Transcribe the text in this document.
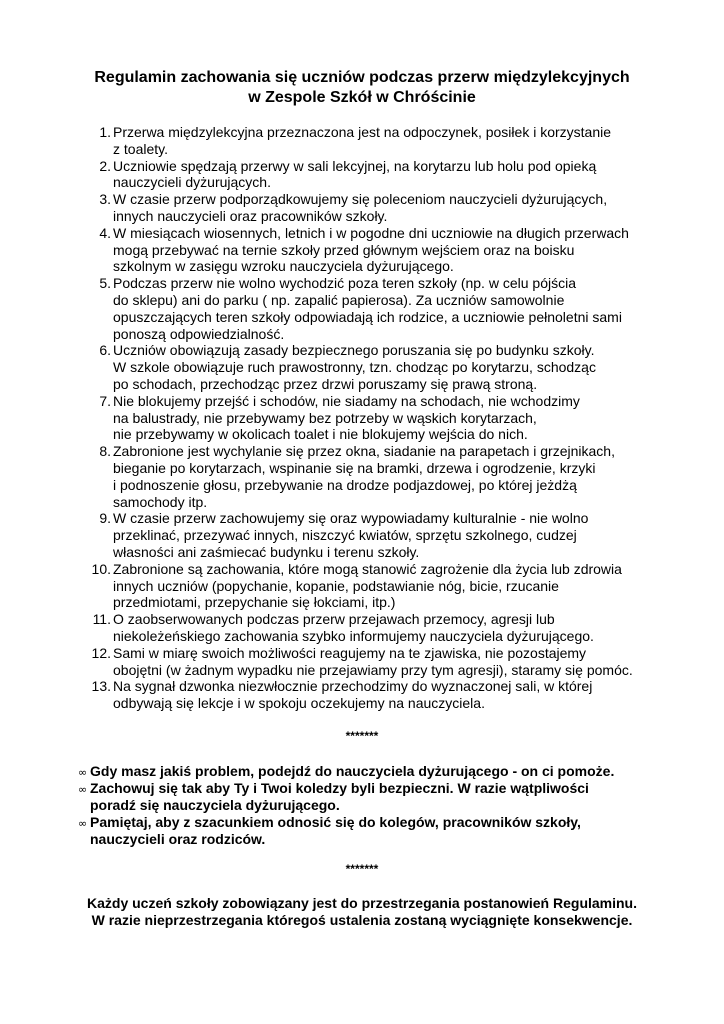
Regulamin zachowania się uczniów podczas przerw międzylekcyjnych
w Zespole Szkół w Chróścinie
1. Przerwa międzylekcyjna przeznaczona jest na odpoczynek, posiłek i korzystanie
z toalety.
2. Uczniowie spędzają przerwy w sali lekcyjnej, na korytarzu lub holu pod opieką
nauczycieli dyżurujących.
3. W czasie przerw podporządkowujemy się poleceniom nauczycieli dyżurujących,
innych nauczycieli oraz pracowników szkoły.
4. W miesiącach wiosennych, letnich i w pogodne dni uczniowie na długich przerwach
mogą przebywać na ternie szkoły przed głównym wejściem oraz na boisku
szkolnym w zasięgu wzroku nauczyciela dyżurującego.
5. Podczas przerw nie wolno wychodzić poza teren szkoły (np. w celu pójścia
do sklepu) ani do parku ( np. zapalić papierosa). Za uczniów samowolnie
opuszczających teren szkoły odpowiadają ich rodzice, a uczniowie pełnoletni sami
ponoszą odpowiedzialność.
6. Uczniów obowiązują zasady bezpiecznego poruszania się po budynku szkoły.
W szkole obowiązuje ruch prawostronny, tzn. chodząc po korytarzu, schodząc
po schodach, przechodząc przez drzwi poruszamy się prawą stroną.
7. Nie blokujemy przejść i schodów, nie siadamy na schodach, nie wchodzimy
na balustrady, nie przebywamy bez potrzeby w wąskich korytarzach,
nie przebywamy w okolicach toalet i nie blokujemy wejścia do nich.
8. Zabronione jest wychylanie się przez okna, siadanie na parapetach i grzejnikach,
bieganie po korytarzach, wspinanie się na bramki, drzewa i ogrodzenie, krzyki
i podnoszenie głosu, przebywanie na drodze podjazdowej, po której jeżdżą
samochody itp.
9. W czasie przerw zachowujemy się oraz wypowiadamy kulturalnie - nie wolno
przeklinać, przezywać innych, niszczyć kwiatów, sprzętu szkolnego, cudzej
własności ani zaśmiecać budynku i terenu szkoły.
10. Zabronione są zachowania, które mogą stanowić zagrożenie dla życia lub zdrowia
innych uczniów (popychanie, kopanie, podstawianie nóg, bicie, rzucanie
przedmiotami, przepychanie się łokciami, itp.)
11. O zaobserwowanych podczas przerw przejawach przemocy, agresji lub
niekoleżeńskiego zachowania szybko informujemy nauczyciela dyżurującego.
12. Sami w miarę swoich możliwości reagujemy na te zjawiska, nie pozostajemy
obojętni (w żadnym wypadku nie przejawiamy przy tym agresji), staramy się pomóc.
13. Na sygnał dzwonka niezwłocznie przechodzimy do wyznaczonej sali, w której
odbywają się lekcje i w spokoju oczekujemy na nauczyciela.

*******

∞ Gdy masz jakiś problem, podejdź do nauczyciela dyżurującego - on ci pomoże.
∞ Zachowuj się tak aby Ty i Twoi koledzy byli bezpieczni. W razie wątpliwości
poradź się nauczyciela dyżurującego.
∞ Pamiętaj, aby z szacunkiem odnosić się do kolegów, pracowników szkoły,
nauczycieli oraz rodziców.

*******

Każdy uczeń szkoły zobowiązany jest do przestrzegania postanowień Regulaminu.
W razie nieprzestrzegania któregoś ustalenia zostaną wyciągnięte konsekwencje.
